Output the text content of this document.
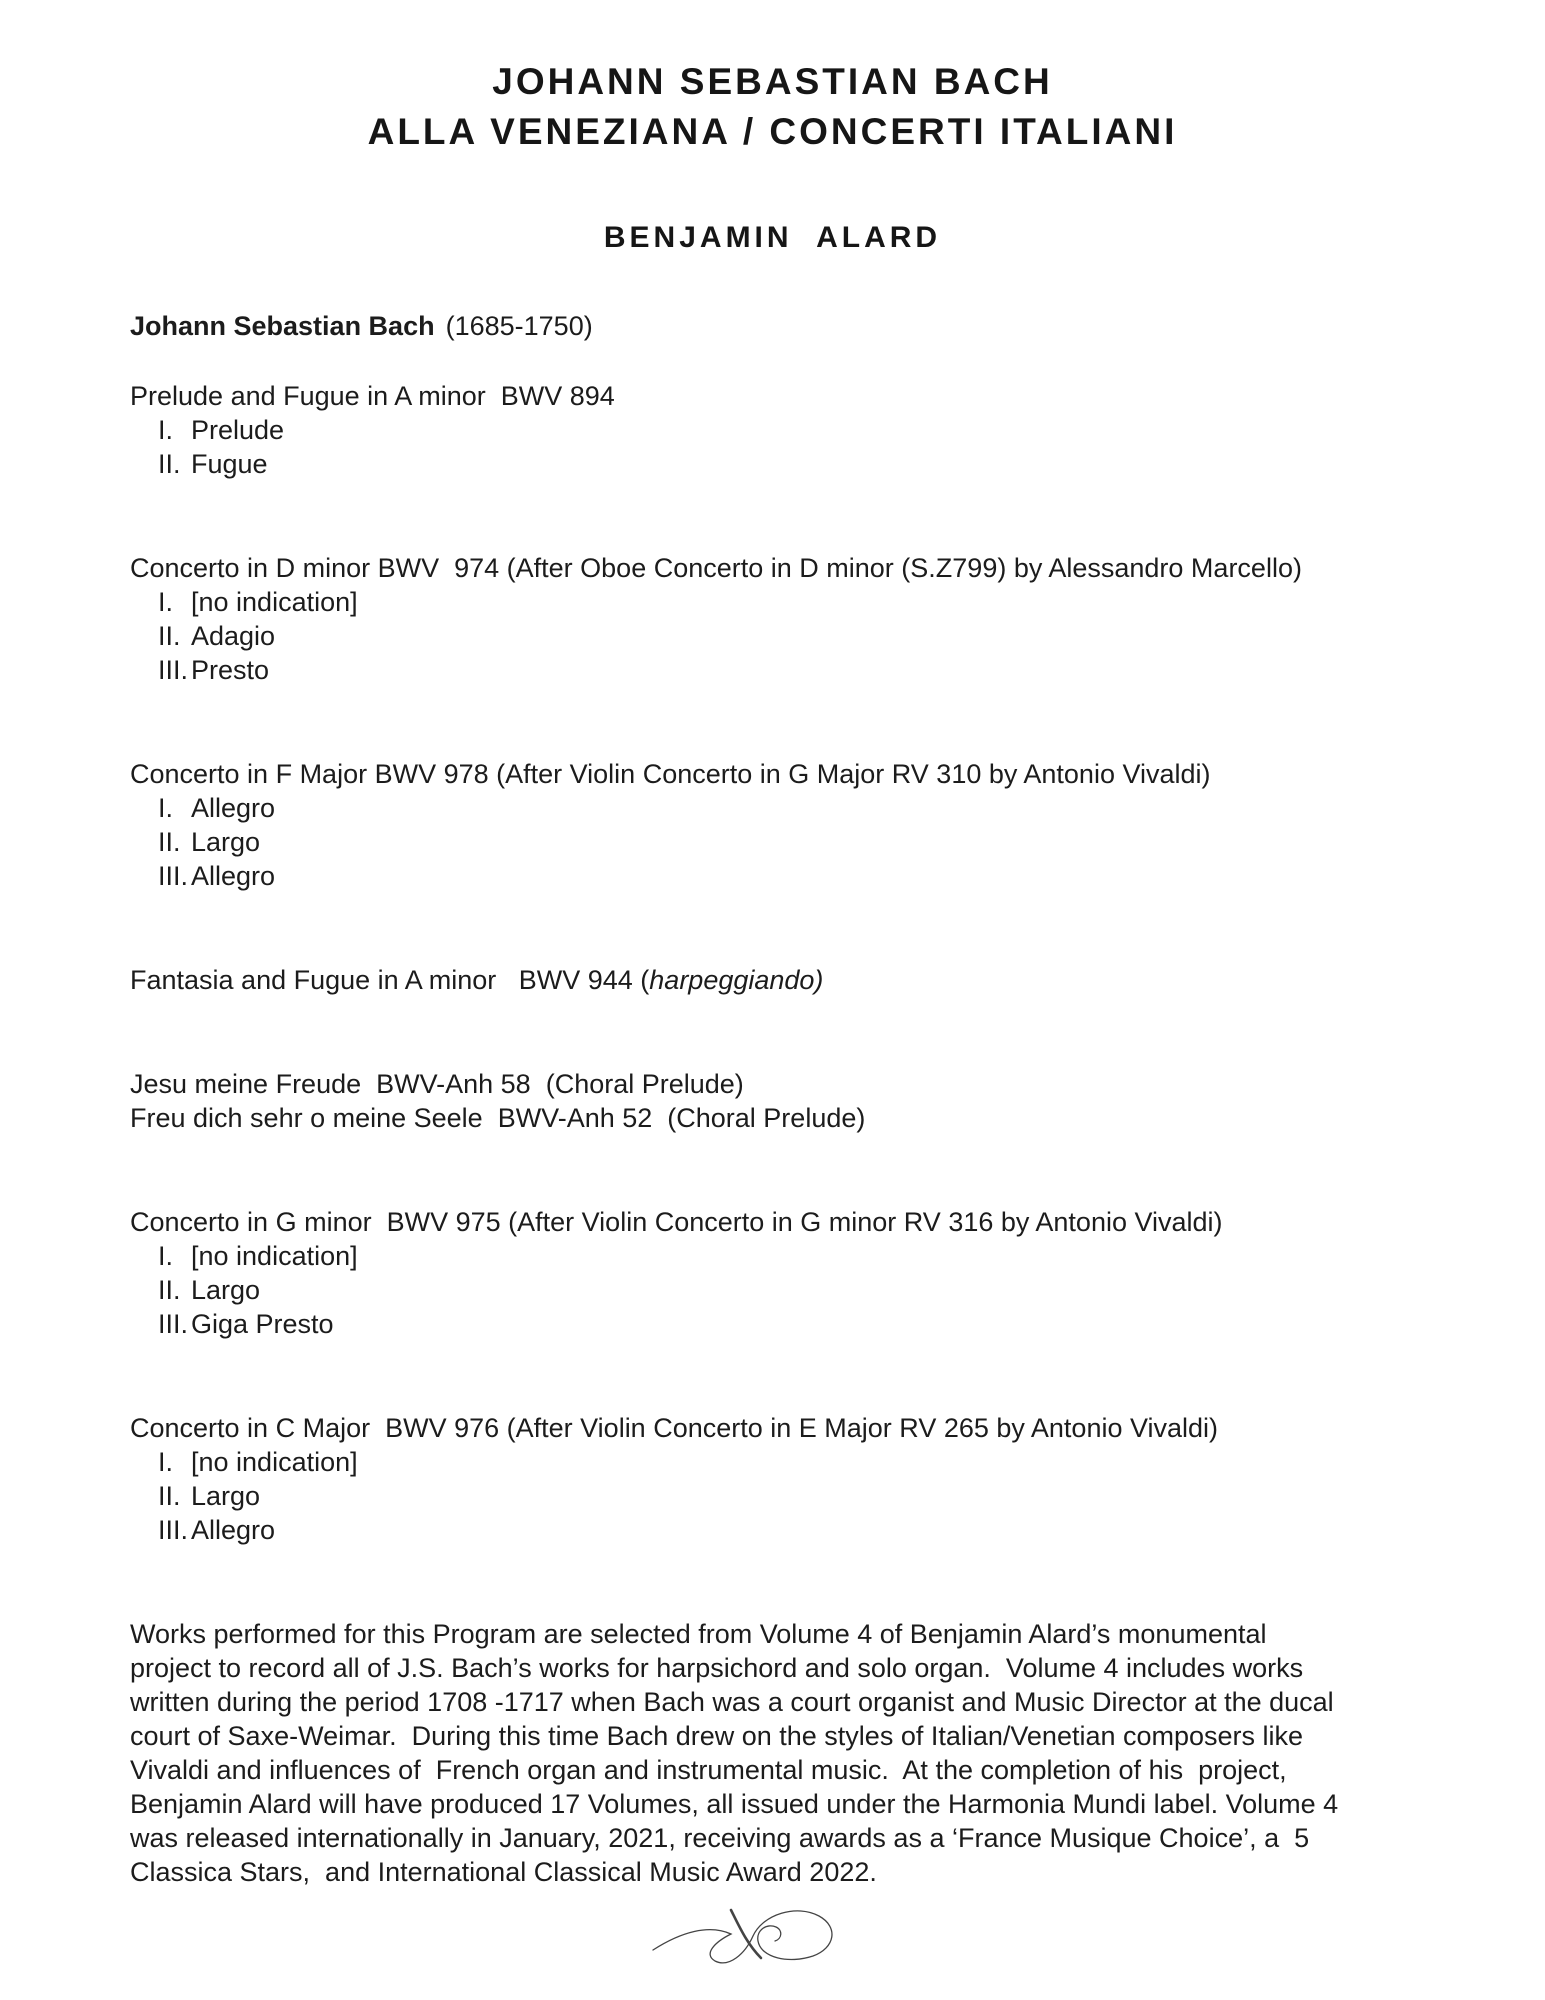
JOHANN SEBASTIAN BACH
ALLA VENEZIANA / CONCERTI ITALIANI
BENJAMIN  ALARD

Johann Sebastian Bach (1685-1750)

Prelude and Fugue in A minor  BWV 894
I. Prelude
II. Fugue
Concerto in D minor BWV  974 (After Oboe Concerto in D minor (S.Z799) by Alessandro Marcello)
I. [no indication]
II. Adagio
III. Presto
Concerto in F Major BWV 978 (After Violin Concerto in G Major RV 310 by Antonio Vivaldi)
I. Allegro
II. Largo
III. Allegro
Fantasia and Fugue in A minor   BWV 944 (harpeggiando)
Jesu meine Freude  BWV-Anh 58  (Choral Prelude)
Freu dich sehr o meine Seele  BWV-Anh 52  (Choral Prelude)
Concerto in G minor  BWV 975 (After Violin Concerto in G minor RV 316 by Antonio Vivaldi)
I. [no indication]
II. Largo
III. Giga Presto
Concerto in C Major  BWV 976 (After Violin Concerto in E Major RV 265 by Antonio Vivaldi)
I. [no indication]
II. Largo
III. Allegro
Works performed for this Program are selected from Volume 4 of Benjamin Alard’s monumental
project to record all of J.S. Bach’s works for harpsichord and solo organ.  Volume 4 includes works
written during the period 1708 -1717 when Bach was a court organist and Music Director at the ducal
court of Saxe-Weimar.  During this time Bach drew on the styles of Italian/Venetian composers like
Vivaldi and influences of  French organ and instrumental music.  At the completion of his  project,
Benjamin Alard will have produced 17 Volumes, all issued under the Harmonia Mundi label. Volume 4
was released internationally in January, 2021, receiving awards as a ‘France Musique Choice’, a  5
Classica Stars,  and International Classical Music Award 2022.
